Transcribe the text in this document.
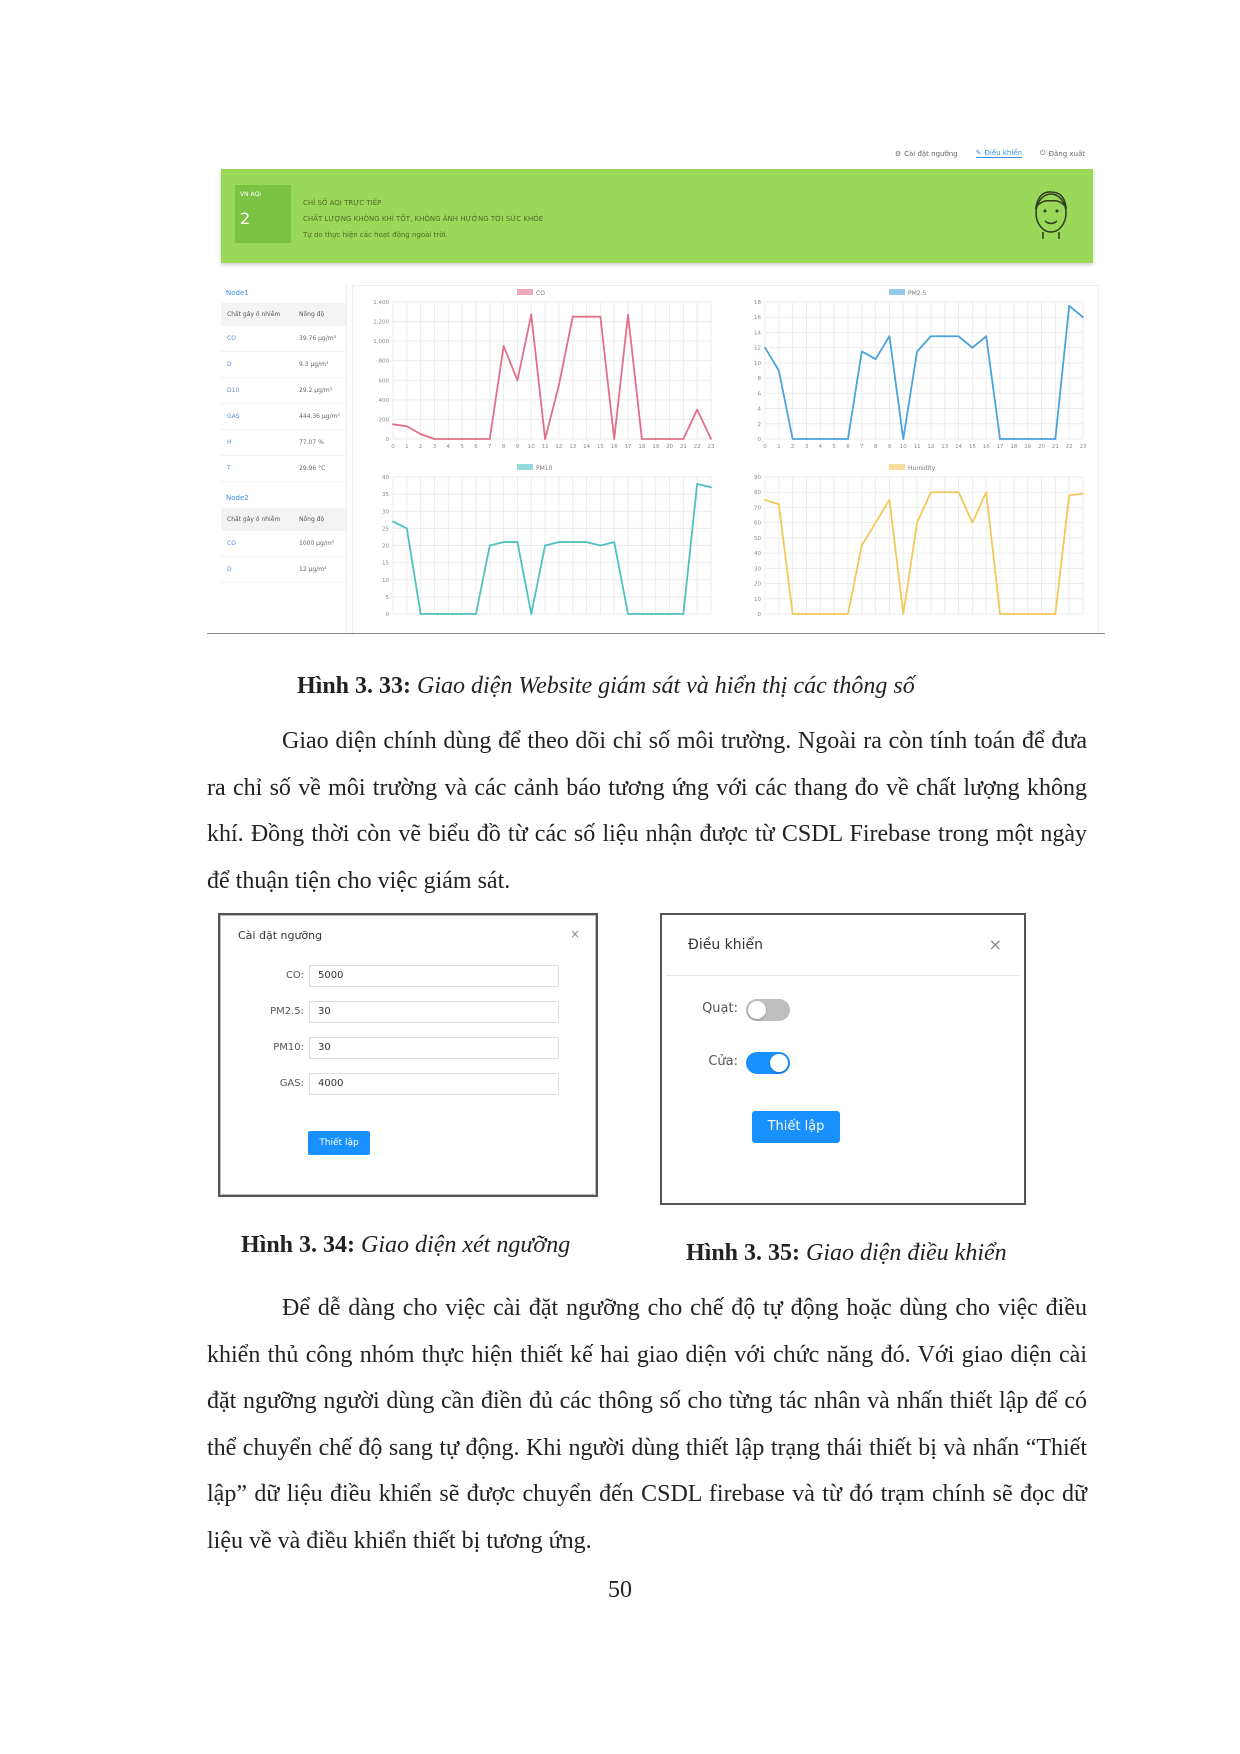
⚙ Cài đặt ngưỡng	✎ Điều khiển	⏻ Đăng xuất
VN AQI
2
CHỈ SỐ AQI TRỰC TIẾP
CHẤT LƯỢNG KHÔNG KHÍ TỐT, KHÔNG ẢNH HƯỞNG TỚI SỨC KHỎE
Tự do thực hiện các hoạt động ngoài trời.
Node1
Chất gây ô nhiễm	Nồng độ
CO	39.76 μg/m³
D	9.3 μg/m³
D10	29.2 μg/m³
GAS	444.36 μg/m³
H	77.07 %
T	29.96 °C
Node2
Chất gây ô nhiễm	Nồng độ
CO	1000 μg/m³
D	12 μg/m³
CO
0
200
400
600
800
1,000
1,200
1,400
0 1 2 3 4 5 6 7 8 9 10 11 12 13 14 15 16 17 18 19 20 21 22 23
PM2.5
0
2
4
6
8
10
12
14
16
18
0 1 2 3 4 5 6 7 8 9 10 11 12 13 14 15 16 17 18 19 20 21 22 23
PM10
0
5
10
15
20
25
30
35
40
Humidity
0
10
20
30
40
50
60
70
80
90
Hình 3. 33: Giao diện Website giám sát và hiển thị các thông số

Giao diện chính dùng để theo dõi chỉ số môi trường. Ngoài ra còn tính toán để đưa ra chỉ số về môi trường và các cảnh báo tương ứng với các thang đo về chất lượng không khí. Đồng thời còn vẽ biểu đồ từ các số liệu nhận được từ CSDL Firebase trong một ngày để thuận tiện cho việc giám sát.

Cài đặt ngưỡng	×
CO:	5000
PM2.5:	30
PM10:	30
GAS:	4000
Thiết lập
Điều khiển	×
Quạt:
Cửa:
Thiết lập
Hình 3. 34: Giao diện xét ngưỡng	Hình 3. 35: Giao diện điều khiển

Để dễ dàng cho việc cài đặt ngưỡng cho chế độ tự động hoặc dùng cho việc điều khiển thủ công nhóm thực hiện thiết kế hai giao diện với chức năng đó. Với giao diện cài đặt ngưỡng người dùng cần điền đủ các thông số cho từng tác nhân và nhấn thiết lập để có thể chuyển chế độ sang tự động. Khi người dùng thiết lập trạng thái thiết bị và nhấn “Thiết lập” dữ liệu điều khiển sẽ được chuyển đến CSDL firebase và từ đó trạm chính sẽ đọc dữ liệu về và điều khiển thiết bị tương ứng.

50
